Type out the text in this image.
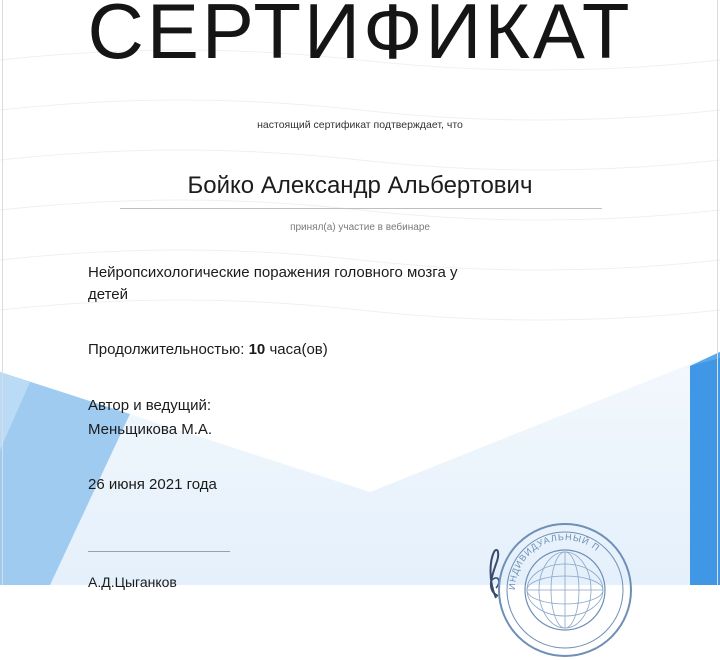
СЕРТИФИКАТ
настоящий сертификат подтверждает, что
Бойко Александр Альбертович
принял(а) участие в вебинаре
Нейропсихологические поражения головного мозга у детей
Продолжительностью: 10 часа(ов)
Автор и ведущий:
Меньщикова М.А.
26 июня 2021 года
А.Д.Цыганков	ИНДИВИДУАЛЬНЫЙ П
